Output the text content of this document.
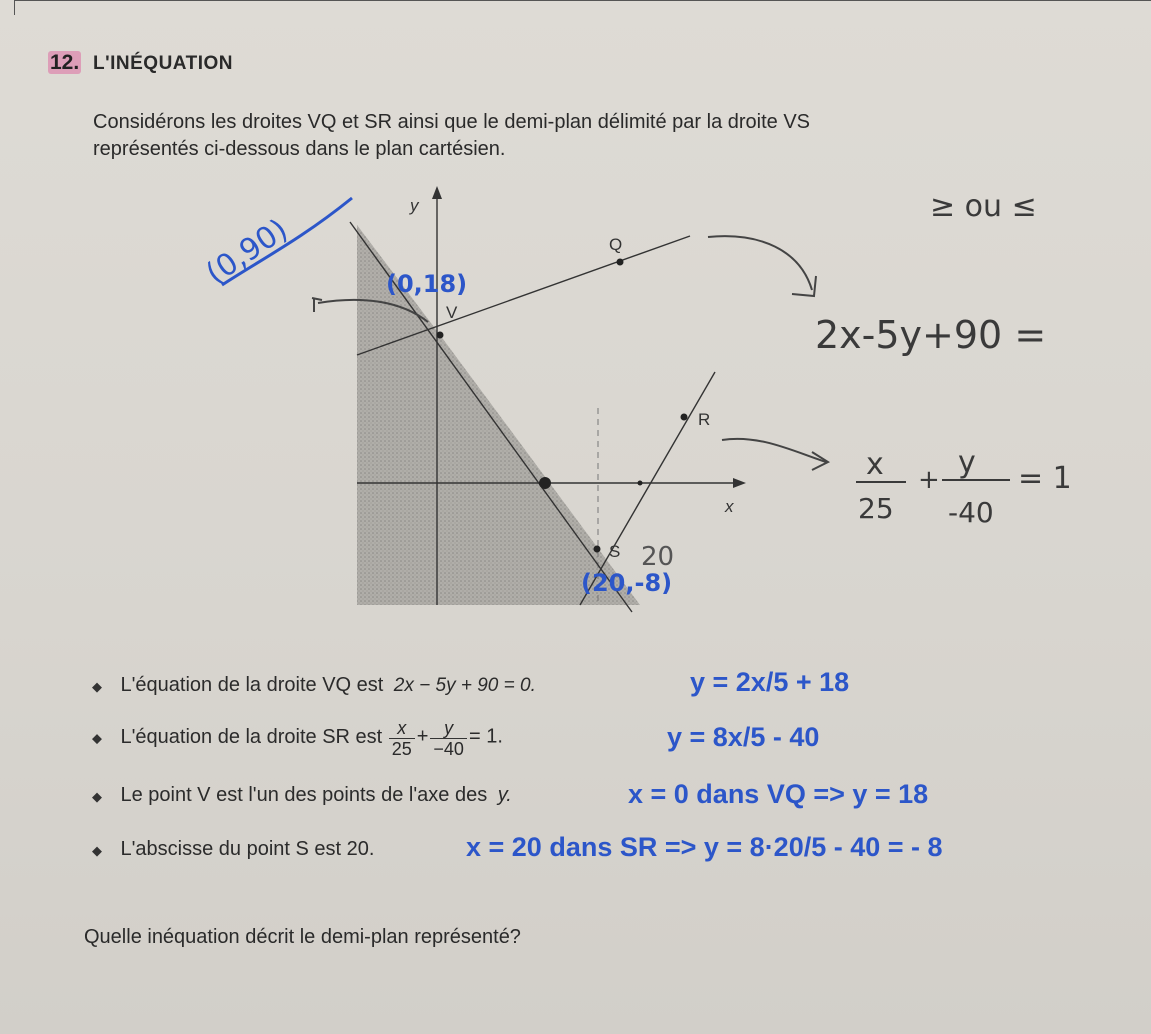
12. L'INÉQUATION
Considérons les droites VQ et SR ainsi que le demi-plan délimité par la droite VS
représentés ci-dessous dans le plan cartésien.
y
x
V
Q
R
S
(0,18)
(20,-8)
20
(0,90)
≥ ou ≤
2x-5y+90 =
x
25
+ y
-40
= 1
◆ L'équation de la droite VQ est 2x − 5y + 90 = 0.	y = 2x/5 + 18
◆ L'équation de la droite SR est $\frac{x}{25} + \frac{y}{-40} = 1$.	y = 8x/5 - 40
◆ Le point V est l'un des points de l'axe des y.	x = 0 dans VQ => y = 18
◆ L'abscisse du point S est 20.	x = 20 dans SR => y = 8·20/5 - 40 = - 8
Quelle inéquation décrit le demi-plan représenté?
